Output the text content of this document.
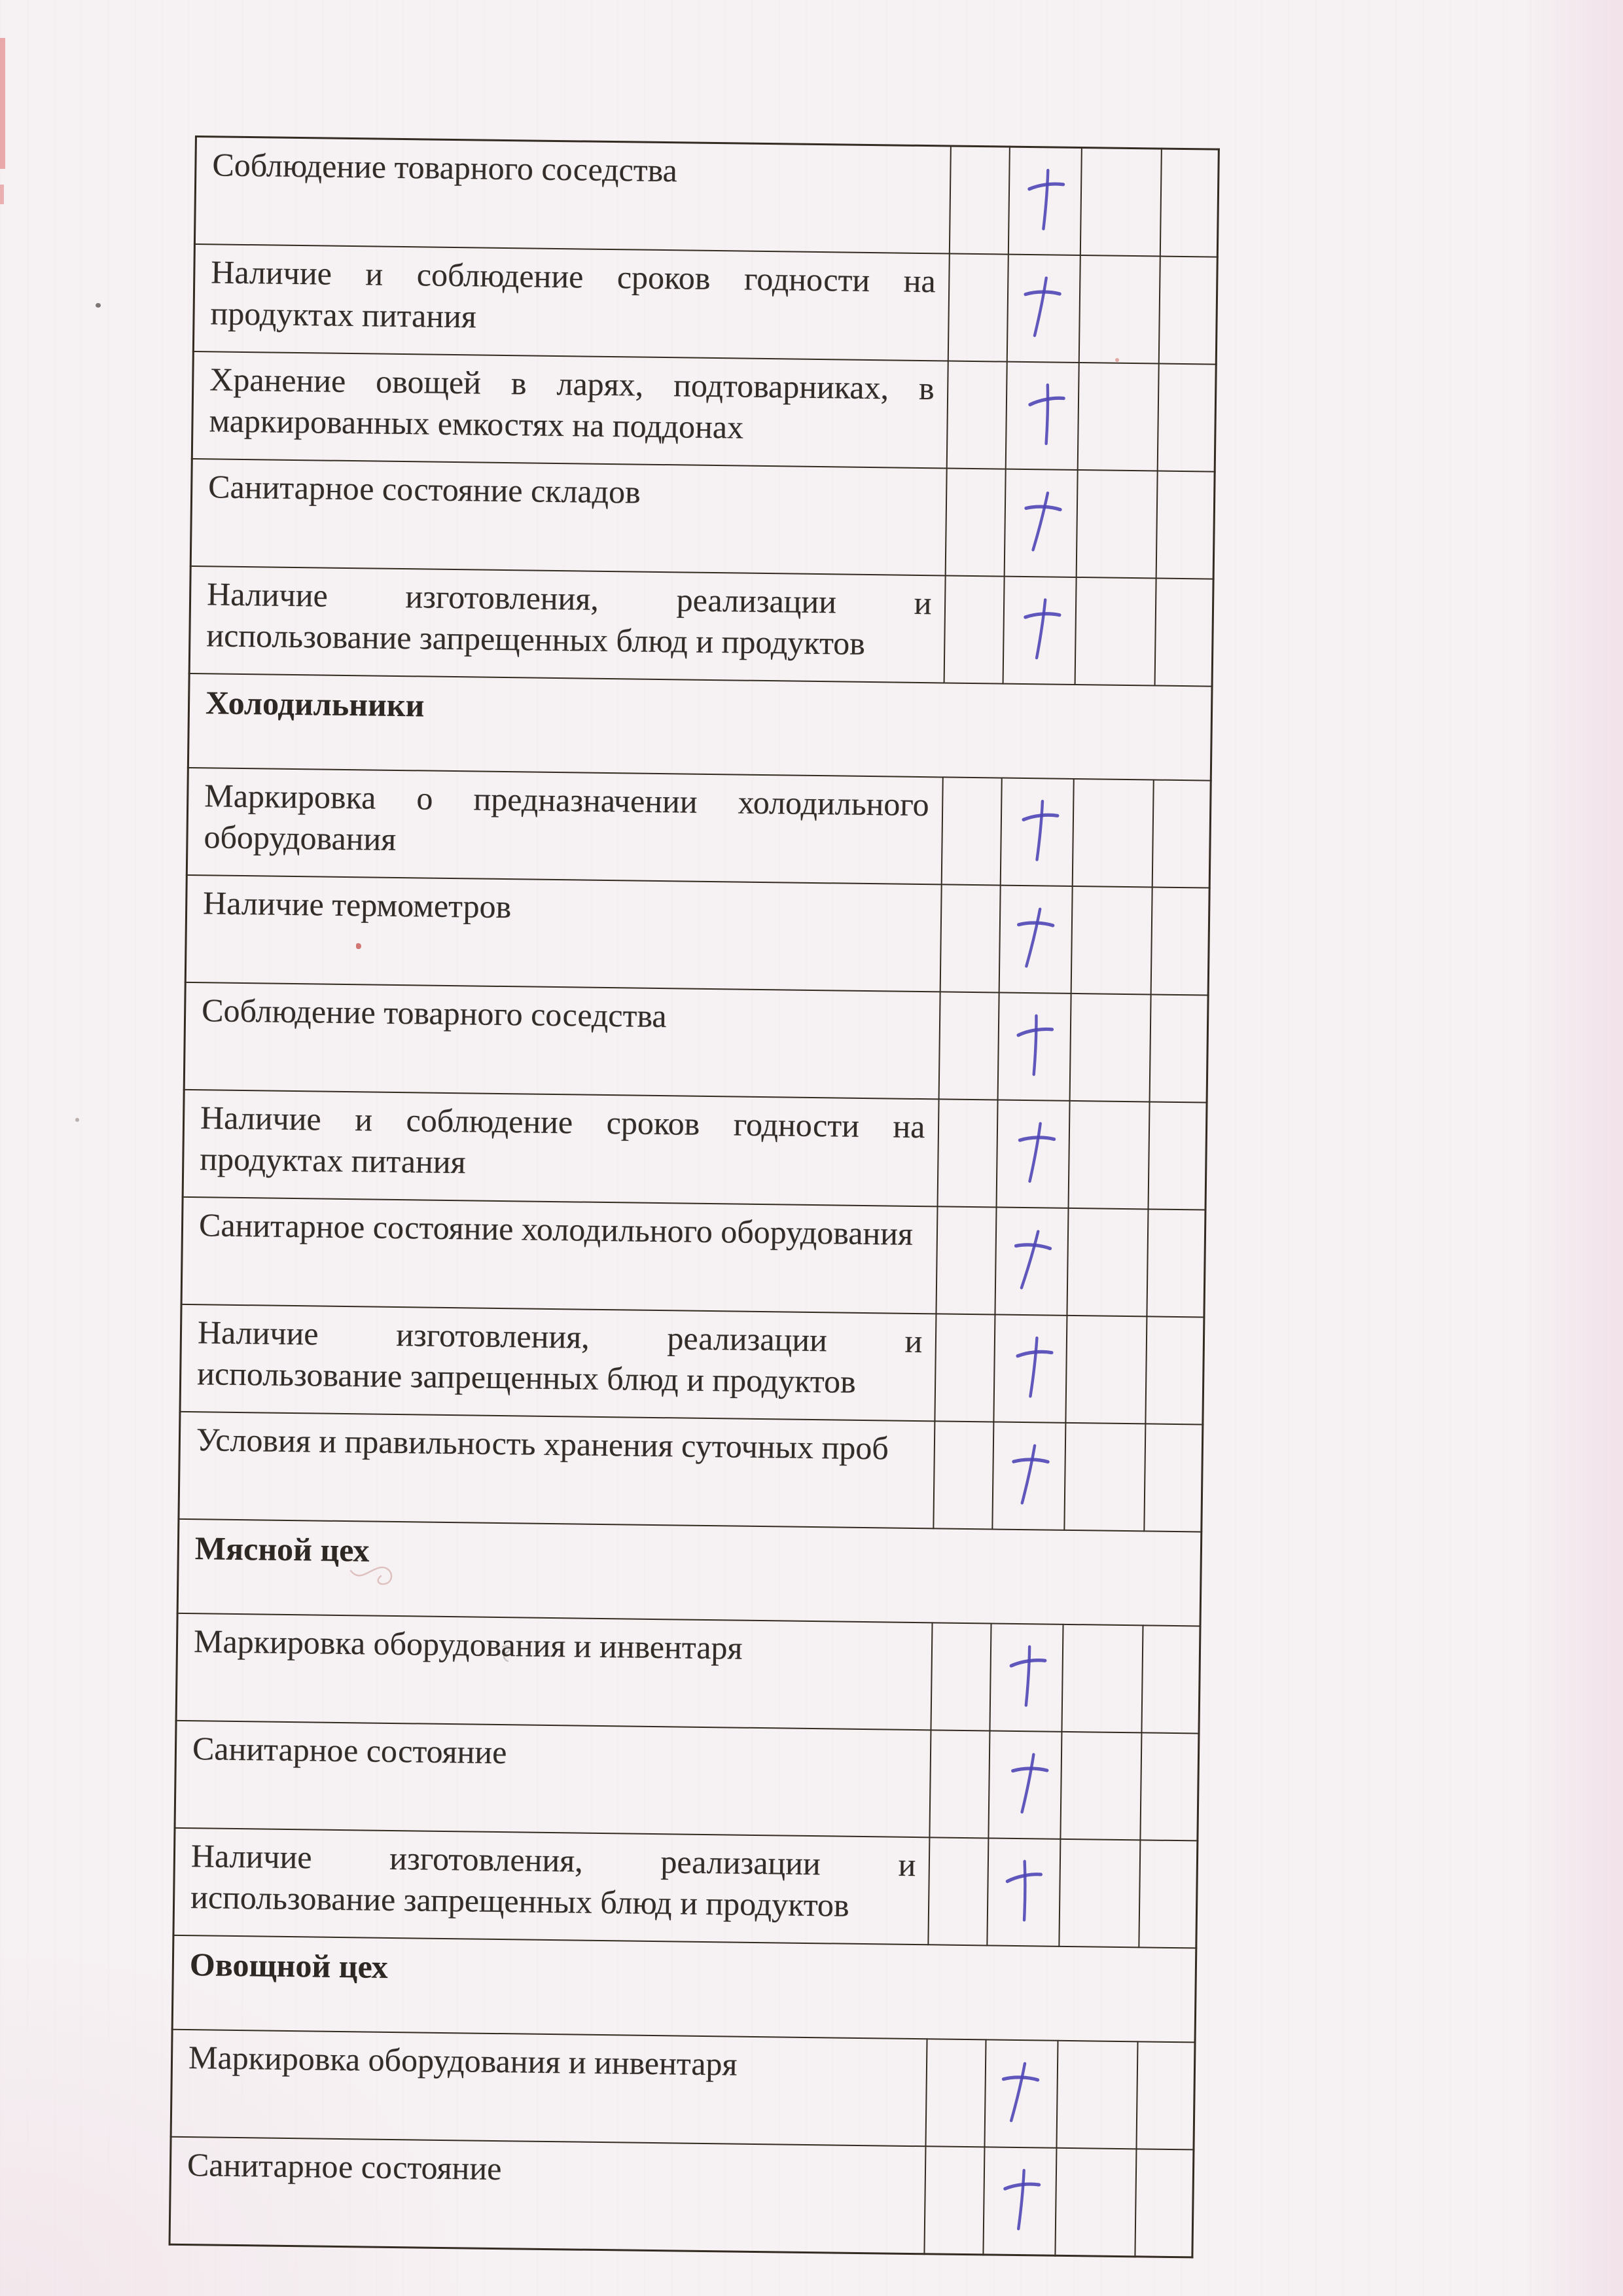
Соблюдение товарного соседства				
Наличие и соблюдение сроков годности на продуктах питания				
Хранение овощей в ларях, подтоварниках, в маркированных емкостях на поддонах				
Санитарное состояние складов				
Наличие изготовления, реализации и использование запрещенных блюд и продуктов				
Холодильники				
Маркировка о предназначении холодильного оборудования				
Наличие термометров				
Соблюдение товарного соседства				
Наличие и соблюдение сроков годности на продуктах питания				
Санитарное состояние холодильного оборудования				
Наличие изготовления, реализации и использование запрещенных блюд и продуктов				
Условия и правильность хранения суточных проб				
Мясной цех				
Маркировка оборудования и инвентаря				
Санитарное состояние				
Наличие изготовления, реализации и использование запрещенных блюд и продуктов				
Овощной цех				
Маркировка оборудования и инвентаря				
Санитарное состояние				
